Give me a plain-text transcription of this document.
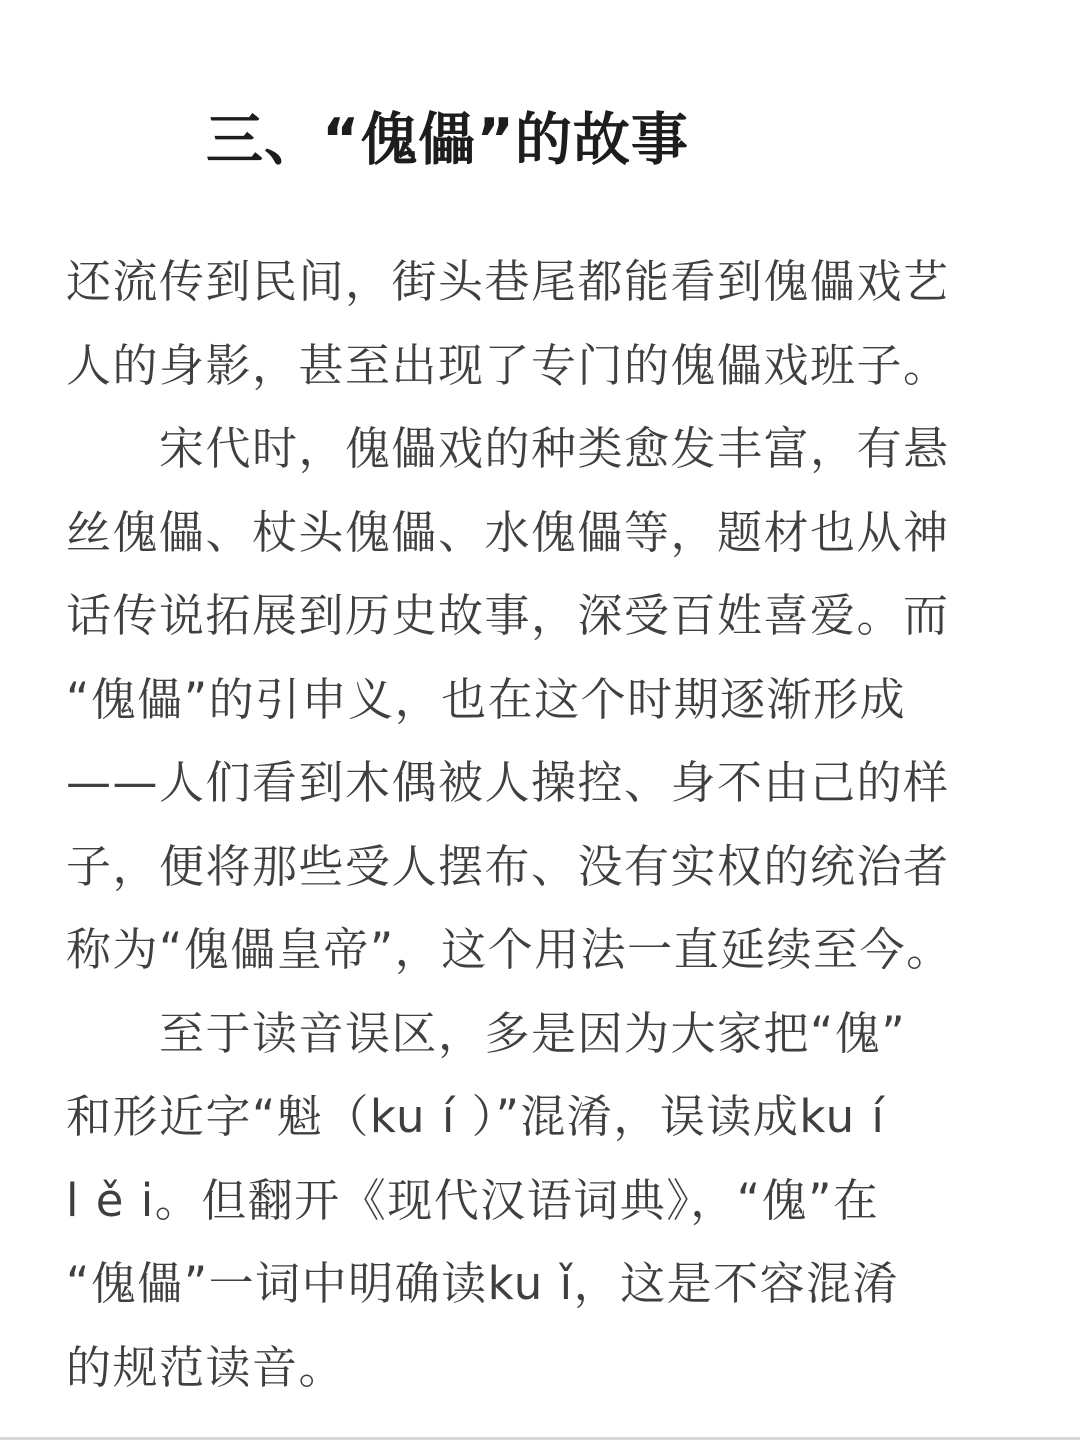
三、“傀儡”的故事
还流传到民间，街头巷尾都能看到傀儡戏艺
人的身影，甚至出现了专门的傀儡戏班子。
　　宋代时，傀儡戏的种类愈发丰富，有悬
丝傀儡、杖头傀儡、水傀儡等，题材也从神
话传说拓展到历史故事，深受百姓喜爱。而
“傀儡”的引申义，也在这个时期逐渐形成
——人们看到木偶被人操控、身不由己的样
子，便将那些受人摆布、没有实权的统治者
称为“傀儡皇帝”，这个用法一直延续至今。
　　至于读音误区，多是因为大家把“傀”
和形近字“魁（ku í ）”混淆，误读成ku í
l ě i。但翻开《现代汉语词典》，“傀”在
“傀儡”一词中明确读ku ǐ，这是不容混淆
的规范读音。
